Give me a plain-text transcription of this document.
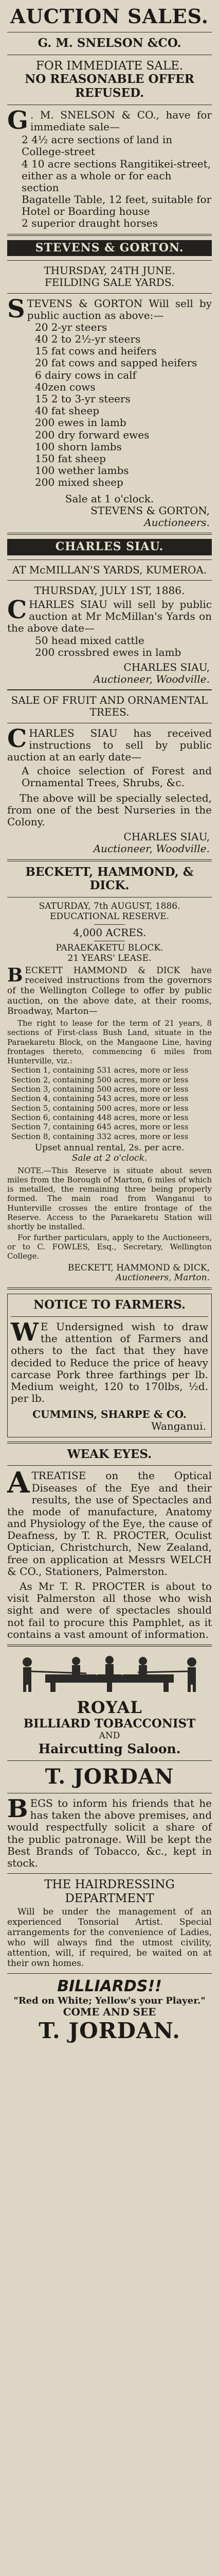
AUCTION SALES.
G. M. SNELSON &CO.
FOR IMMEDIATE SALE.
NO REASONABLE OFFER REFUSED.
G . M. SNELSON & CO., have for immediate sale—
2 4½ acre sections of land in College-street
4 10 acre sections Rangitikei-street, either as a whole or for each section
Bagatelle Table, 12 feet, suitable for Hotel or Boarding house
2 superior draught horses
STEVENS & GORTON.
THURSDAY, 24TH JUNE.
FEILDING SALE YARDS.
STEVENS & GORTON Will sell by public auction as above:—
20 2-yr steers
40 2 to 2½-yr steers
15 fat cows and heifers
20 fat cows and sapped heifers
6 dairy cows in calf
40zen cows
15 2 to 3-yr steers
40 fat sheep
200 ewes in lamb
200 dry forward ewes
100 shorn lambs
150 fat sheep
100 wether lambs
200 mixed sheep
Sale at 1 o'clock.
STEVENS & GORTON,
Auctioneers.
CHARLES SIAU.
AT McMILLAN'S YARDS, KUMEROA.
THURSDAY, JULY 1ST, 1886.
CHARLES SIAU will sell by public auction at Mr McMillan's Yards on the above date—
50 head mixed cattle
200 crossbred ewes in lamb
CHARLES SIAU,
Auctioneer, Woodville.
SALE OF FRUIT AND ORNAMENTAL TREES.
CHARLES SIAU has received instructions to sell by public auction at an early date—
A choice selection of Forest and Ornamental Trees, Shrubs, &c.
The above will be specially selected, from one of the best Nurseries in the Colony.
CHARLES SIAU,
Auctioneer, Woodville.
BECKETT, HAMMOND, & DICK.
SATURDAY, 7th AUGUST, 1886.
EDUCATIONAL RESERVE.
4,000 ACRES.
PARAEKAKETU BLOCK.
21 YEARS' LEASE.
BECKETT HAMMOND & DICK have received instructions from the governors of the Wellington College to offer by public auction, on the above date, at their rooms, Broadway, Marton—
The right to lease for the term of 21 years, 8 sections of First-class Bush Land, situate in the Paraekaretu Block, on the Mangaone Line, having frontages thereto, commencing 6 miles from Hunterville, viz.:
Section 1, containing 531 acres, more or less
Section 2, containing 500 acres, more or less
Section 3, containing 500 acres, more or less
Section 4, containing 543 acres, more or less
Section 5, containing 500 acres, more or less
Section 6, containing 448 acres, more or less
Section 7, containing 645 acres, more or less
Section 8, containing 332 acres, more or less
Upset annual rental, 2s. per acre.
Sale at 2 o'clock.
NOTE.—This Reserve is situate about seven miles from the Borough of Marton, 6 miles of which is metalled, the remaining three being properly formed. The main road from Wanganui to Hunterville crosses the entire frontage of the Reserve. Access to the Paraekaretu Station will shortly be installed.
For further particulars, apply to the Auctioneers, or to C. FOWLES, Esq., Secretary, Wellington College.
BECKETT, HAMMOND & DICK,
Auctioneers, Marton.
NOTICE TO FARMERS.
W E Undersigned wish to draw the attention of Farmers and others to the fact that they have decided to Reduce the price of heavy carcase Pork three farthings per lb. Medium weight, 120 to 170lbs, ½d. per lb.
CUMMINS, SHARPE & CO.
Wanganui.
WEAK EYES.
ATREATISE on the Optical Diseases of the Eye and their results, the use of Spectacles and the mode of manufacture, Anatomy and Physiology of the Eye, the cause of Deafness, by T. R. PROCTER, Oculist Optician, Christchurch, New Zealand, free on application at Messrs WELCH & CO., Stationers, Palmerston.
As Mr T. R. PROCTER is about to visit Palmerston all those who wish sight and were of spectacles should not fail to procure this Pamphlet, as it contains a vast amount of information.
ROYAL
BILLIARD TOBACCONIST
AND
Haircutting Saloon.
T. JORDAN
BEGS to inform his friends that he has taken the above premises, and would respectfully solicit a share of the public patronage. Will be kept the Best Brands of Tobacco, &c., kept in stock.
THE HAIRDRESSING
DEPARTMENT
Will be under the management of an experienced Tonsorial Artist. Special arrangements for the convenience of Ladies, who will always find the utmost civility, attention, will, if required, be waited on at their own homes.
BILLIARDS!!
"Red on White; Yellow's your Player."
COME AND SEE
T. JORDAN.
